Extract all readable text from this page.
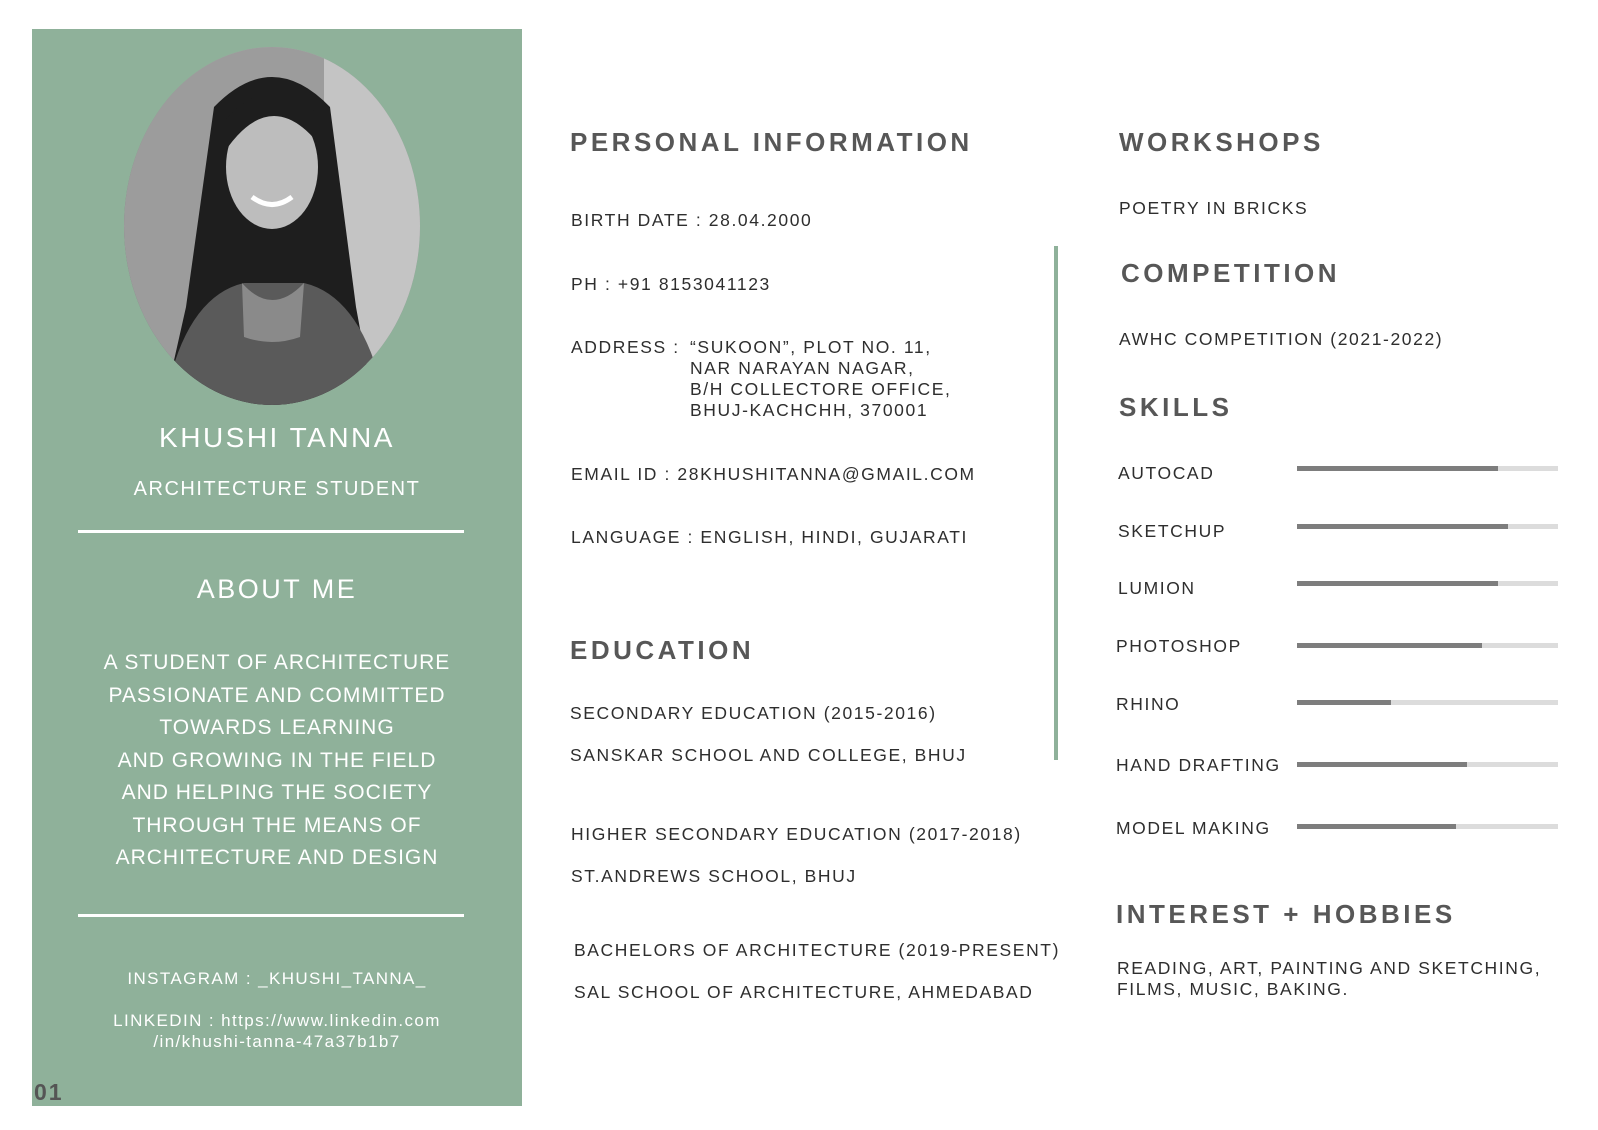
KHUSHI TANNA
ARCHITECTURE STUDENT
ABOUT ME
A STUDENT OF ARCHITECTURE
PASSIONATE AND COMMITTED
TOWARDS LEARNING
AND GROWING IN THE FIELD
AND HELPING THE SOCIETY
THROUGH THE MEANS OF
ARCHITECTURE AND DESIGN
INSTAGRAM : _KHUSHI_TANNA_
LINKEDIN : https://www.linkedin.com
/in/khushi-tanna-47a37b1b7
01
PERSONAL INFORMATION
BIRTH DATE : 28.04.2000
PH : +91 8153041123
ADDRESS : “SUKOON”, PLOT NO. 11,
NAR NARAYAN NAGAR,
B/H COLLECTORE OFFICE,
BHUJ-KACHCHH, 370001
EMAIL ID : 28KHUSHITANNA@GMAIL.COM
LANGUAGE : ENGLISH, HINDI, GUJARATI
EDUCATION
SECONDARY EDUCATION (2015-2016)
SANSKAR SCHOOL AND COLLEGE, BHUJ
HIGHER SECONDARY EDUCATION (2017-2018)
ST.ANDREWS SCHOOL, BHUJ
BACHELORS OF ARCHITECTURE (2019-PRESENT)
SAL SCHOOL OF ARCHITECTURE, AHMEDABAD
WORKSHOPS
POETRY IN BRICKS
COMPETITION
AWHC COMPETITION (2021-2022)
SKILLS
AUTOCAD
SKETCHUP
LUMION
PHOTOSHOP
RHINO
HAND DRAFTING
MODEL MAKING
INTEREST + HOBBIES
READING, ART, PAINTING AND SKETCHING,
FILMS, MUSIC, BAKING.
